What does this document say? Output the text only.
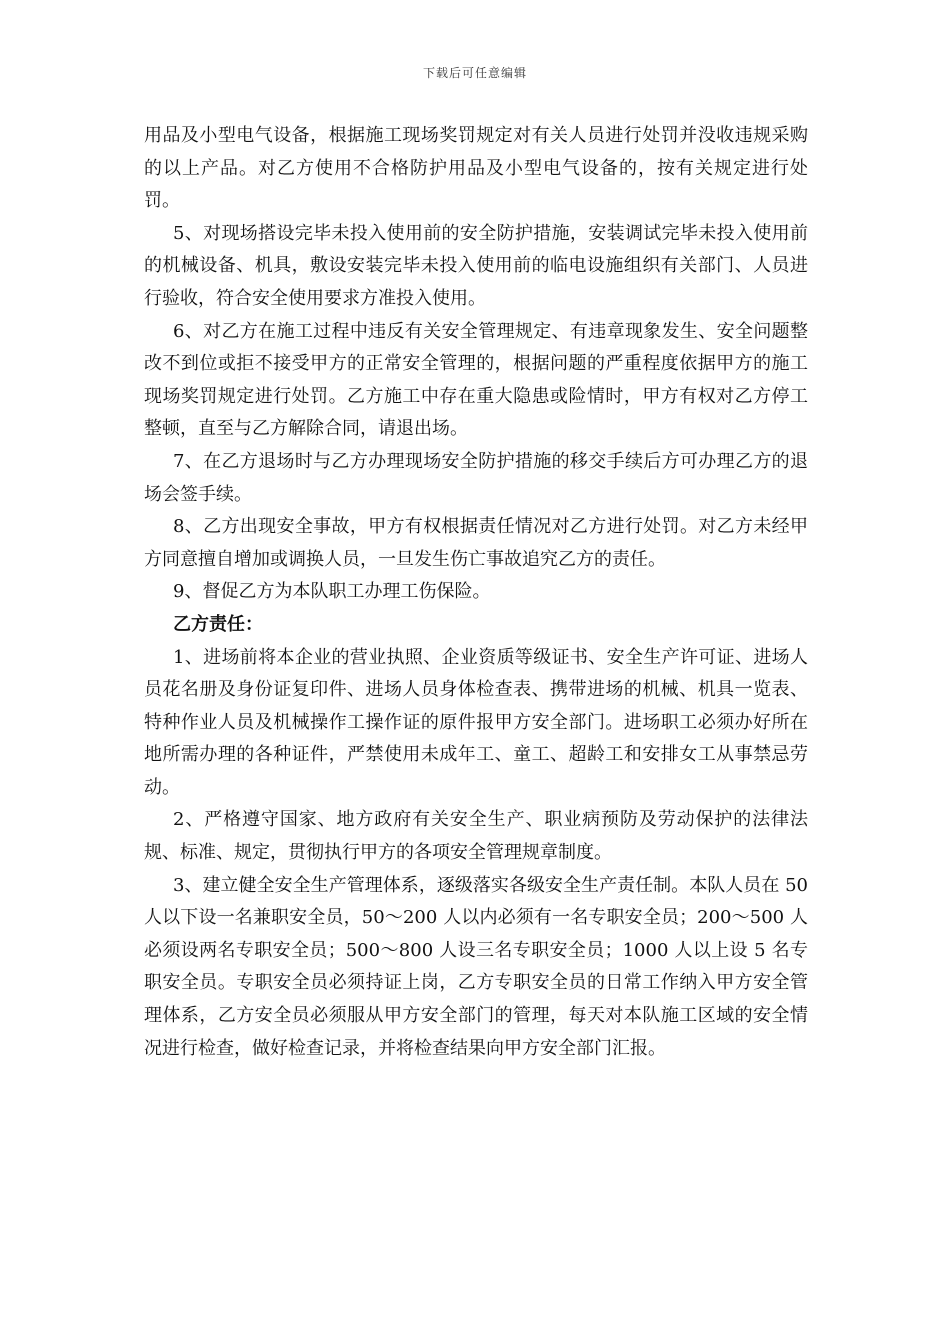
下载后可任意编辑

用品及小型电气设备，根据施工现场奖罚规定对有关人员进行处罚并没收违规采购的以上产品。对乙方使用不合格防护用品及小型电气设备的，按有关规定进行处罚。

5、对现场搭设完毕未投入使用前的安全防护措施，安装调试完毕未投入使用前的机械设备、机具，敷设安装完毕未投入使用前的临电设施组织有关部门、人员进行验收，符合安全使用要求方准投入使用。

6、对乙方在施工过程中违反有关安全管理规定、有违章现象发生、安全问题整改不到位或拒不接受甲方的正常安全管理的，根据问题的严重程度依据甲方的施工现场奖罚规定进行处罚。乙方施工中存在重大隐患或险情时，甲方有权对乙方停工整顿，直至与乙方解除合同，请退出场。

7、在乙方退场时与乙方办理现场安全防护措施的移交手续后方可办理乙方的退场会签手续。

8、乙方出现安全事故，甲方有权根据责任情况对乙方进行处罚。对乙方未经甲方同意擅自增加或调换人员，一旦发生伤亡事故追究乙方的责任。

9、督促乙方为本队职工办理工伤保险。

乙方责任：

1、进场前将本企业的营业执照、企业资质等级证书、安全生产许可证、进场人员花名册及身份证复印件、进场人员身体检查表、携带进场的机械、机具一览表、特种作业人员及机械操作工操作证的原件报甲方安全部门。进场职工必须办好所在地所需办理的各种证件，严禁使用未成年工、童工、超龄工和安排女工从事禁忌劳动。

2、严格遵守国家、地方政府有关安全生产、职业病预防及劳动保护的法律法规、标准、规定，贯彻执行甲方的各项安全管理规章制度。

3、建立健全安全生产管理体系，逐级落实各级安全生产责任制。本队人员在 50 人以下设一名兼职安全员，50～200 人以内必须有一名专职安全员；200～500 人必须设两名专职安全员；500～800 人设三名专职安全员；1000 人以上设 5 名专职安全员。专职安全员必须持证上岗，乙方专职安全员的日常工作纳入甲方安全管理体系，乙方安全员必须服从甲方安全部门的管理，每天对本队施工区域的安全情况进行检查，做好检查记录，并将检查结果向甲方安全部门汇报。
